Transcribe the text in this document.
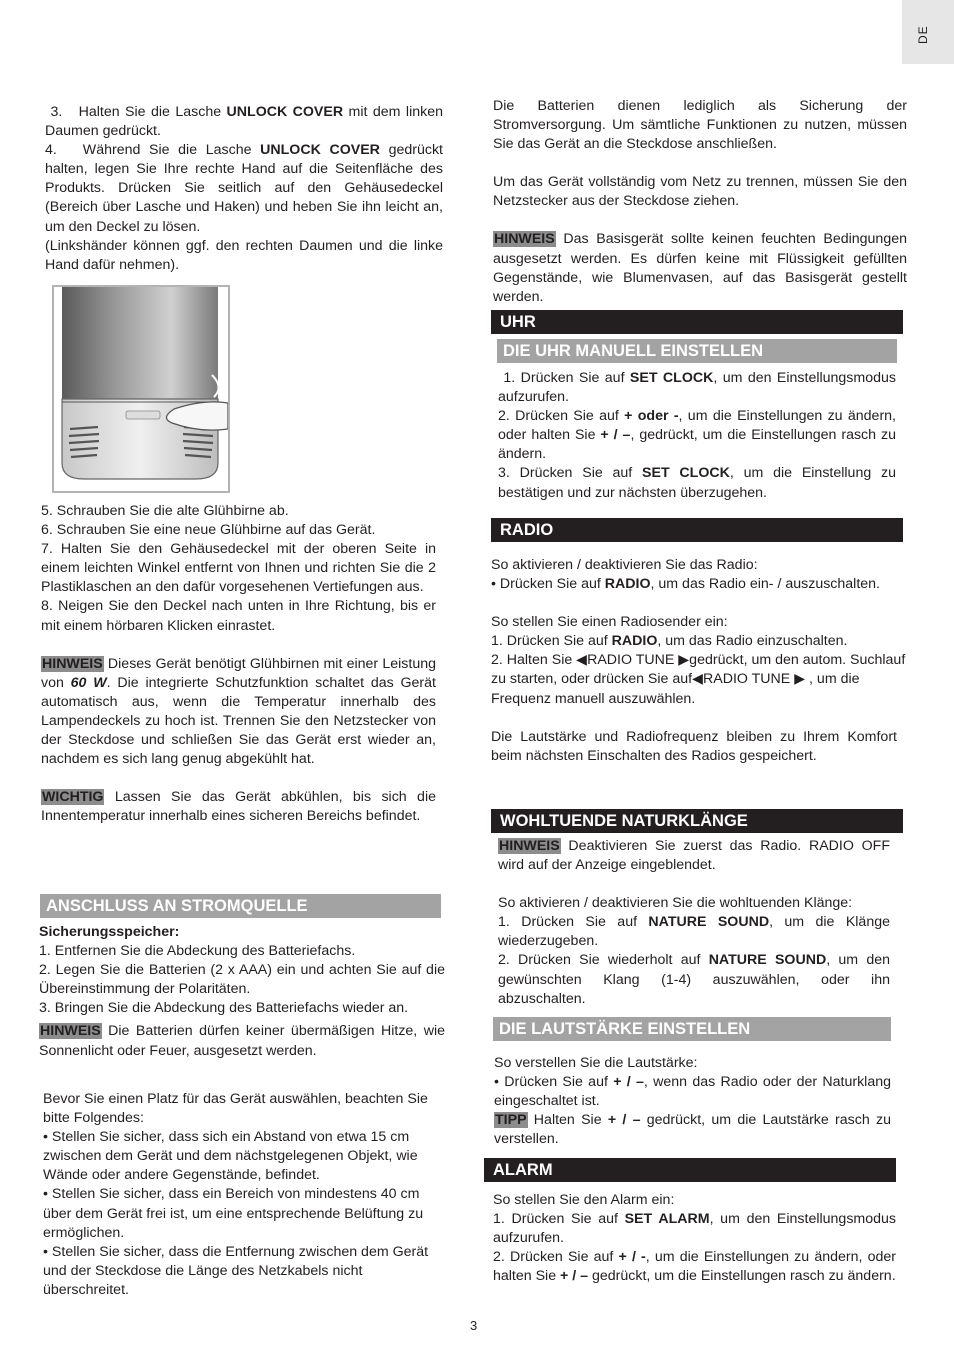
DE

3. Halten Sie die Lasche UNLOCK COVER mit dem linken Daumen gedrückt.

4. Während Sie die Lasche UNLOCK COVER gedrückt halten, legen Sie Ihre rechte Hand auf die Seitenfläche des Produkts. Drücken Sie seitlich auf den Gehäusedeckel (Bereich über Lasche und Haken) und heben Sie ihn leicht an, um den Deckel zu lösen.

(Linkshänder können ggf. den rechten Daumen und die linke Hand dafür nehmen).

5. Schrauben Sie die alte Glühbirne ab.

6. Schrauben Sie eine neue Glühbirne auf das Gerät.

7. Halten Sie den Gehäusedeckel mit der oberen Seite in einem leichten Winkel entfernt von Ihnen und richten Sie die 2 Plastiklaschen an den dafür vorgesehenen Vertiefungen aus.

8. Neigen Sie den Deckel nach unten in Ihre Richtung, bis er mit einem hörbaren Klicken einrastet.

HINWEIS Dieses Gerät benötigt Glühbirnen mit einer Leistung von 60 W. Die integrierte Schutzfunktion schaltet das Gerät automatisch aus, wenn die Temperatur innerhalb des Lampendeckels zu hoch ist. Trennen Sie den Netzstecker von der Steckdose und schließen Sie das Gerät erst wieder an, nachdem es sich lang genug abgekühlt hat.

WICHTIG Lassen Sie das Gerät abkühlen, bis sich die Innentemperatur innerhalb eines sicheren Bereichs befindet.

ANSCHLUSS AN STROMQUELLE

Sicherungsspeicher:

1. Entfernen Sie die Abdeckung des Batteriefachs.

2. Legen Sie die Batterien (2 x AAA) ein und achten Sie auf die Übereinstimmung der Polaritäten.

3. Bringen Sie die Abdeckung des Batteriefachs wieder an.

HINWEIS Die Batterien dürfen keiner übermäßigen Hitze, wie Sonnenlicht oder Feuer, ausgesetzt werden.

Bevor Sie einen Platz für das Gerät auswählen, beachten Sie bitte Folgendes:

• Stellen Sie sicher, dass sich ein Abstand von etwa 15 cm zwischen dem Gerät und dem nächstgelegenen Objekt, wie Wände oder andere Gegenstände, befindet.

• Stellen Sie sicher, dass ein Bereich von mindestens 40 cm über dem Gerät frei ist, um eine entsprechende Belüftung zu ermöglichen.

• Stellen Sie sicher, dass die Entfernung zwischen dem Gerät und der Steckdose die Länge des Netzkabels nicht überschreitet.

Die Batterien dienen lediglich als Sicherung der Stromversorgung. Um sämtliche Funktionen zu nutzen, müssen Sie das Gerät an die Steckdose anschließen.

Um das Gerät vollständig vom Netz zu trennen, müssen Sie den Netzstecker aus der Steckdose ziehen.

HINWEIS Das Basisgerät sollte keinen feuchten Bedingungen ausgesetzt werden. Es dürfen keine mit Flüssigkeit gefüllten Gegenstände, wie Blumenvasen, auf das Basisgerät gestellt werden.

UHR
DIE UHR MANUELL EINSTELLEN

1. Drücken Sie auf SET CLOCK, um den Einstellungsmodus aufzurufen.

2. Drücken Sie auf + oder -, um die Einstellungen zu ändern, oder halten Sie + / –, gedrückt, um die Einstellungen rasch zu ändern.

3. Drücken Sie auf SET CLOCK, um die Einstellung zu bestätigen und zur nächsten überzugehen.

RADIO

So aktivieren / deaktivieren Sie das Radio:

• Drücken Sie auf RADIO, um das Radio ein- / auszuschalten.

So stellen Sie einen Radiosender ein:

1. Drücken Sie auf RADIO, um das Radio einzuschalten.

2. Halten Sie ◀RADIO TUNE ▶gedrückt, um den autom. Suchlauf zu starten, oder drücken Sie auf◀RADIO TUNE ▶ , um die Frequenz manuell auszuwählen.

Die Lautstärke und Radiofrequenz bleiben zu Ihrem Komfort beim nächsten Einschalten des Radios gespeichert.

WOHLTUENDE NATURKLÄNGE

HINWEIS Deaktivieren Sie zuerst das Radio. RADIO OFF wird auf der Anzeige eingeblendet.

So aktivieren / deaktivieren Sie die wohltuenden Klänge:

1. Drücken Sie auf NATURE SOUND, um die Klänge wiederzugeben.

2. Drücken Sie wiederholt auf NATURE SOUND, um den gewünschten Klang (1-4) auszuwählen, oder ihn abzuschalten.

DIE LAUTSTÄRKE EINSTELLEN

So verstellen Sie die Lautstärke:

• Drücken Sie auf + / –, wenn das Radio oder der Naturklang eingeschaltet ist.

TIPP Halten Sie + / – gedrückt, um die Lautstärke rasch zu verstellen.

ALARM

So stellen Sie den Alarm ein:

1. Drücken Sie auf SET ALARM, um den Einstellungsmodus aufzurufen.

2. Drücken Sie auf + / -, um die Einstellungen zu ändern, oder halten Sie + / – gedrückt, um die Einstellungen rasch zu ändern.

3
